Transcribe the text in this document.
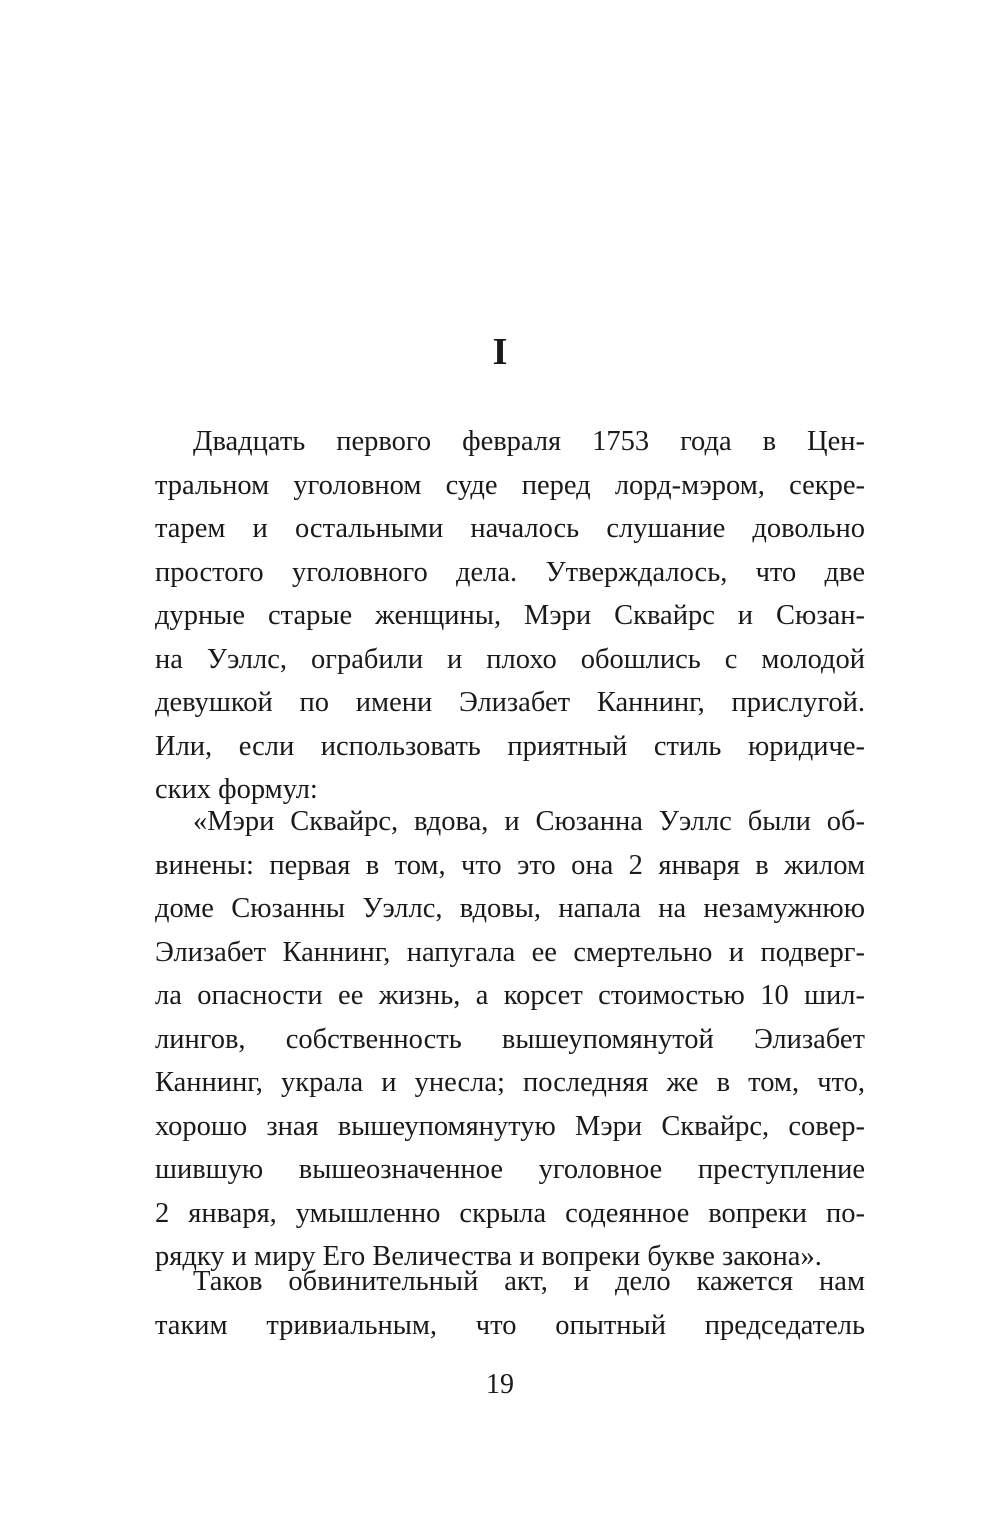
I

Двадцать первого февраля 1753 года в Цен-

тральном уголовном суде перед лорд-мэром, секре-

тарем и остальными началось слушание довольно

простого уголовного дела. Утверждалось, что две

дурные старые женщины, Мэри Сквайрс и Сюзан-

на Уэллс, ограбили и плохо обошлись с молодой

девушкой по имени Элизабет Каннинг, прислугой.

Или, если использовать приятный стиль юридиче-

ских формул:

«Мэри Сквайрс, вдова, и Сюзанна Уэллс были об-

винены: первая в том, что это она 2 января в жилом

доме Сюзанны Уэллс, вдовы, напала на незамужнюю

Элизабет Каннинг, напугала ее смертельно и подверг-

ла опасности ее жизнь, а корсет стоимостью 10 шил-

лингов, собственность вышеупомянутой Элизабет

Каннинг, украла и унесла; последняя же в том, что,

хорошо зная вышеупомянутую Мэри Сквайрс, совер-

шившую вышеозначенное уголовное преступление

2 января, умышленно скрыла содеянное вопреки по-

рядку и миру Его Величества и вопреки букве закона».

19

Таков обвинительный акт, и дело кажется нам

таким тривиальным, что опытный председатель
